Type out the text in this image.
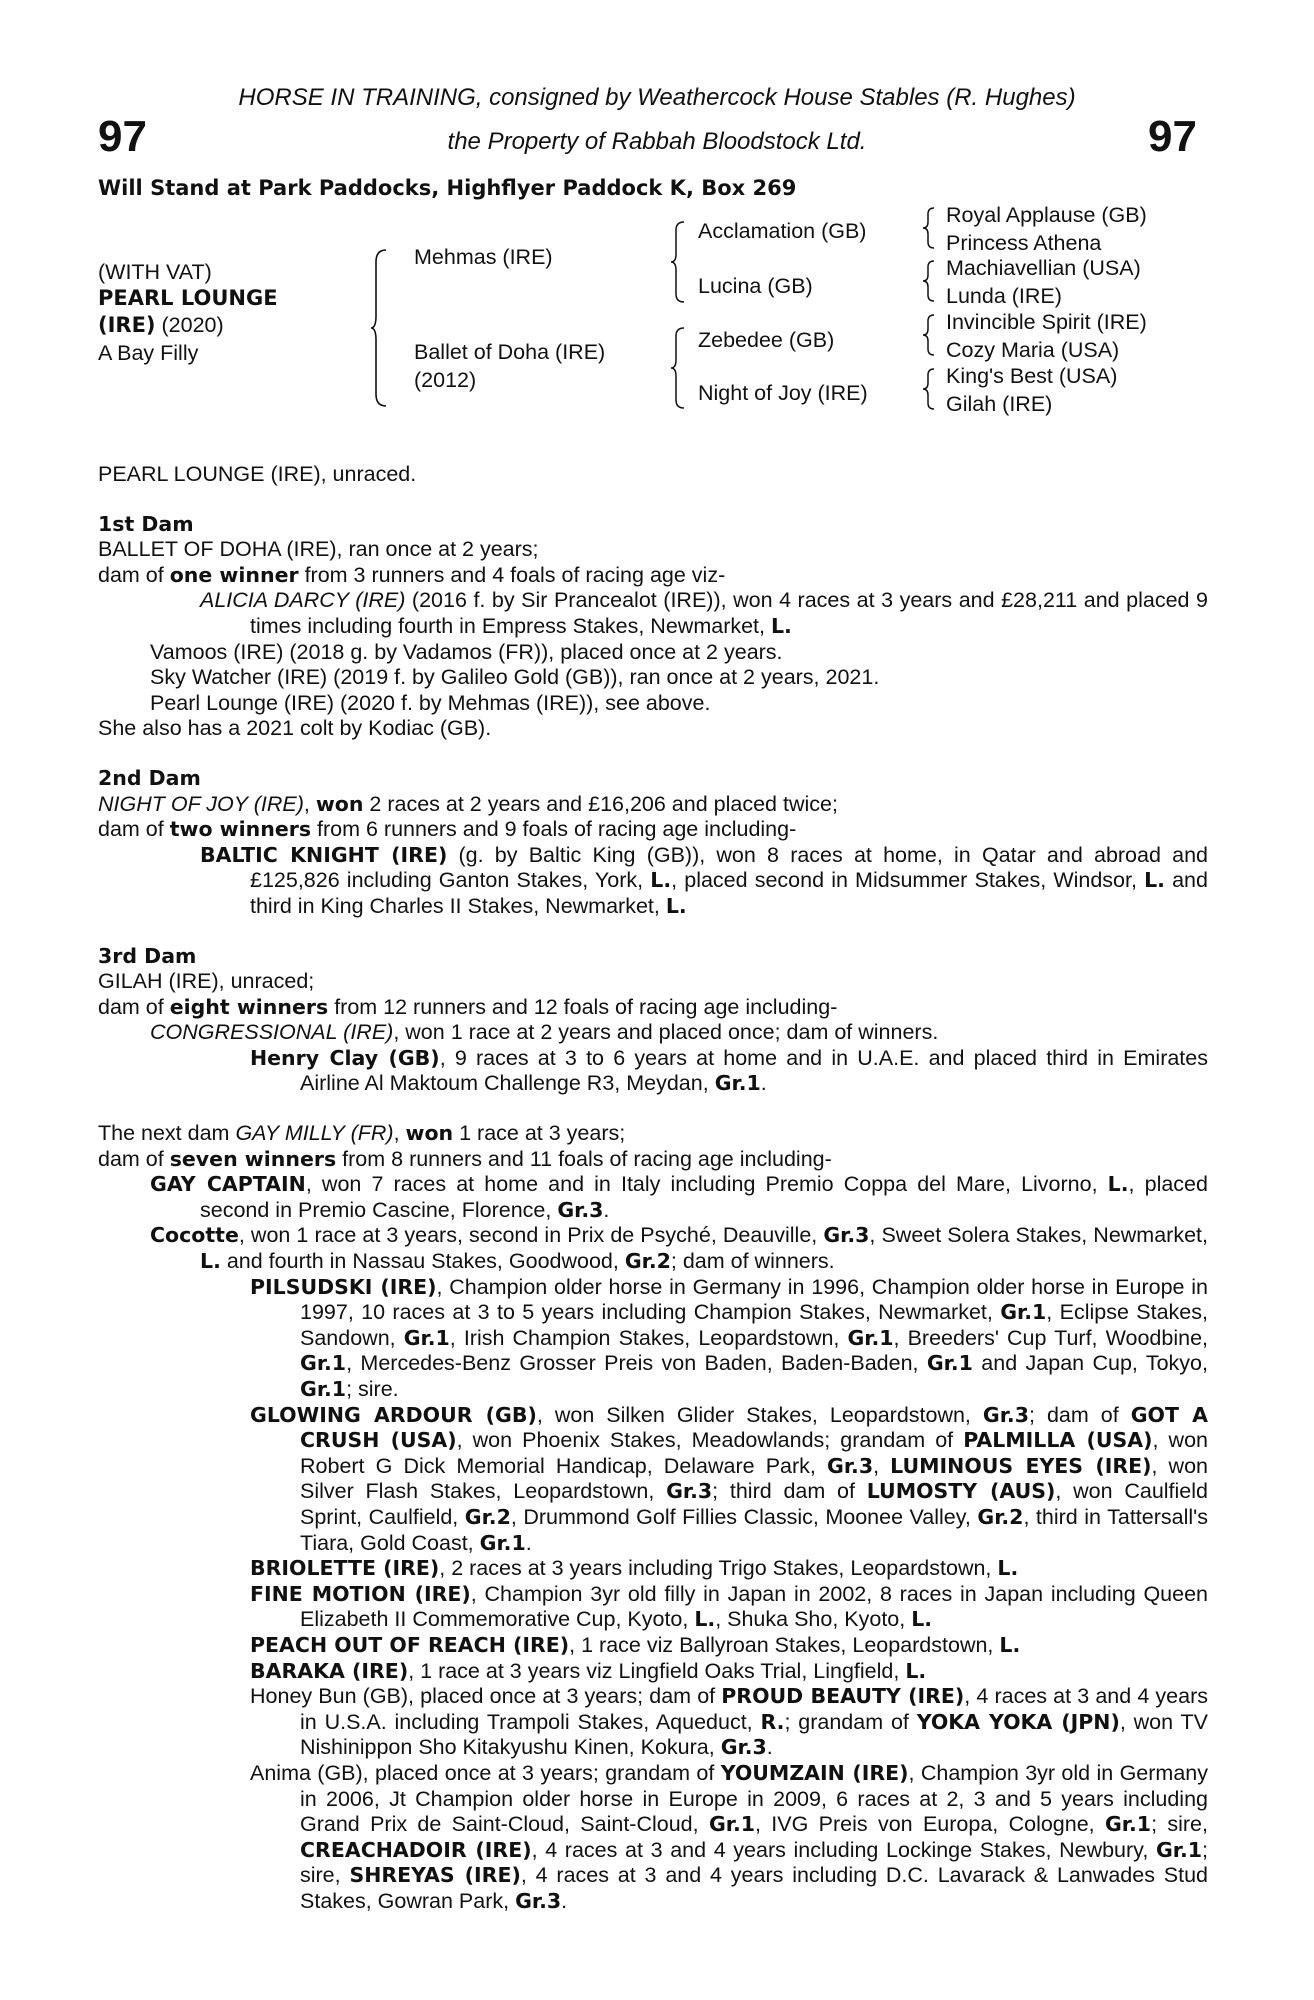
HORSE IN TRAINING, consigned by Weathercock House Stables (R. Hughes)
the Property of Rabbah Bloodstock Ltd.
97	97
Will Stand at Park Paddocks, Highflyer Paddock K, Box 269
(WITH VAT)
PEARL LOUNGE
(IRE) (2020)
A Bay Filly
Mehmas (IRE)
Ballet of Doha (IRE)
(2012)
Acclamation (GB)
Lucina (GB)
Zebedee (GB)
Night of Joy (IRE)
Royal Applause (GB)
Princess Athena
Machiavellian (USA)
Lunda (IRE)
Invincible Spirit (IRE)
Cozy Maria (USA)
King's Best (USA)
Gilah (IRE)

PEARL LOUNGE (IRE), unraced.

1st Dam

BALLET OF DOHA (IRE), ran once at 2 years;

dam of one winner from 3 runners and 4 foals of racing age viz-

ALICIA DARCY (IRE) (2016 f. by Sir Prancealot (IRE)), won 4 races at 3 years and £28,211 and placed 9 times including fourth in Empress Stakes, Newmarket, L.

Vamoos (IRE) (2018 g. by Vadamos (FR)), placed once at 2 years.

Sky Watcher (IRE) (2019 f. by Galileo Gold (GB)), ran once at 2 years, 2021.

Pearl Lounge (IRE) (2020 f. by Mehmas (IRE)), see above.

She also has a 2021 colt by Kodiac (GB).

2nd Dam

NIGHT OF JOY (IRE), won 2 races at 2 years and £16,206 and placed twice;

dam of two winners from 6 runners and 9 foals of racing age including-

BALTIC KNIGHT (IRE) (g. by Baltic King (GB)), won 8 races at home, in Qatar and abroad and £125,826 including Ganton Stakes, York, L., placed second in Midsummer Stakes, Windsor, L. and third in King Charles II Stakes, Newmarket, L.

3rd Dam

GILAH (IRE), unraced;

dam of eight winners from 12 runners and 12 foals of racing age including-

CONGRESSIONAL (IRE), won 1 race at 2 years and placed once; dam of winners.

Henry Clay (GB), 9 races at 3 to 6 years at home and in U.A.E. and placed third in Emirates Airline Al Maktoum Challenge R3, Meydan, Gr.1.

The next dam GAY MILLY (FR), won 1 race at 3 years;

dam of seven winners from 8 runners and 11 foals of racing age including-

GAY CAPTAIN, won 7 races at home and in Italy including Premio Coppa del Mare, Livorno, L., placed second in Premio Cascine, Florence, Gr.3.

Cocotte, won 1 race at 3 years, second in Prix de Psyché, Deauville, Gr.3, Sweet Solera Stakes, Newmarket, L. and fourth in Nassau Stakes, Goodwood, Gr.2; dam of winners.

PILSUDSKI (IRE), Champion older horse in Germany in 1996, Champion older horse in Europe in 1997, 10 races at 3 to 5 years including Champion Stakes, Newmarket, Gr.1, Eclipse Stakes, Sandown, Gr.1, Irish Champion Stakes, Leopardstown, Gr.1, Breeders' Cup Turf, Woodbine, Gr.1, Mercedes-Benz Grosser Preis von Baden, Baden-Baden, Gr.1 and Japan Cup, Tokyo, Gr.1; sire.

GLOWING ARDOUR (GB), won Silken Glider Stakes, Leopardstown, Gr.3; dam of GOT A CRUSH (USA), won Phoenix Stakes, Meadowlands; grandam of PALMILLA (USA), won Robert G Dick Memorial Handicap, Delaware Park, Gr.3, LUMINOUS EYES (IRE), won Silver Flash Stakes, Leopardstown, Gr.3; third dam of LUMOSTY (AUS), won Caulfield Sprint, Caulfield, Gr.2, Drummond Golf Fillies Classic, Moonee Valley, Gr.2, third in Tattersall's Tiara, Gold Coast, Gr.1.

BRIOLETTE (IRE), 2 races at 3 years including Trigo Stakes, Leopardstown, L.

FINE MOTION (IRE), Champion 3yr old filly in Japan in 2002, 8 races in Japan including Queen Elizabeth II Commemorative Cup, Kyoto, L., Shuka Sho, Kyoto, L.

PEACH OUT OF REACH (IRE), 1 race viz Ballyroan Stakes, Leopardstown, L.

BARAKA (IRE), 1 race at 3 years viz Lingfield Oaks Trial, Lingfield, L.

Honey Bun (GB), placed once at 3 years; dam of PROUD BEAUTY (IRE), 4 races at 3 and 4 years in U.S.A. including Trampoli Stakes, Aqueduct, R.; grandam of YOKA YOKA (JPN), won TV Nishinippon Sho Kitakyushu Kinen, Kokura, Gr.3.

Anima (GB), placed once at 3 years; grandam of YOUMZAIN (IRE), Champion 3yr old in Germany in 2006, Jt Champion older horse in Europe in 2009, 6 races at 2, 3 and 5 years including Grand Prix de Saint-Cloud, Saint-Cloud, Gr.1, IVG Preis von Europa, Cologne, Gr.1; sire, CREACHADOIR (IRE), 4 races at 3 and 4 years including Lockinge Stakes, Newbury, Gr.1; sire, SHREYAS (IRE), 4 races at 3 and 4 years including D.C. Lavarack & Lanwades Stud Stakes, Gowran Park, Gr.3.
